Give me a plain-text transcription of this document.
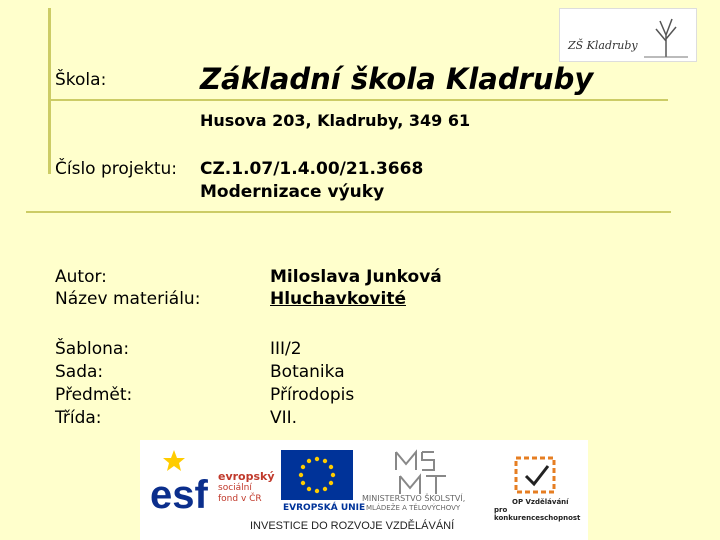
ZŠ Kladruby
Škola:	Základní škola Kladruby
Husova 203, Kladruby, 349 61
Číslo projektu: CZ.1.07/1.4.00/21.3668
Modernizace výuky
Autor:
Název materiálu:
Miloslava Junková
Hluchavkovité
Šablona:
Sada:
Předmět:
Třída:
III/2
Botanika
Přírodopis
VII.
esf evropský
sociální
fond v ČR
EVROPSKÁ UNIE
MINISTERSTVO ŠKOLSTVÍ,
MLÁDEŽE A TĚLOVÝCHOVY
OP Vzdělávání
pro konkurenceschopnost
INVESTICE DO ROZVOJE VZDĚLÁVÁNÍ
